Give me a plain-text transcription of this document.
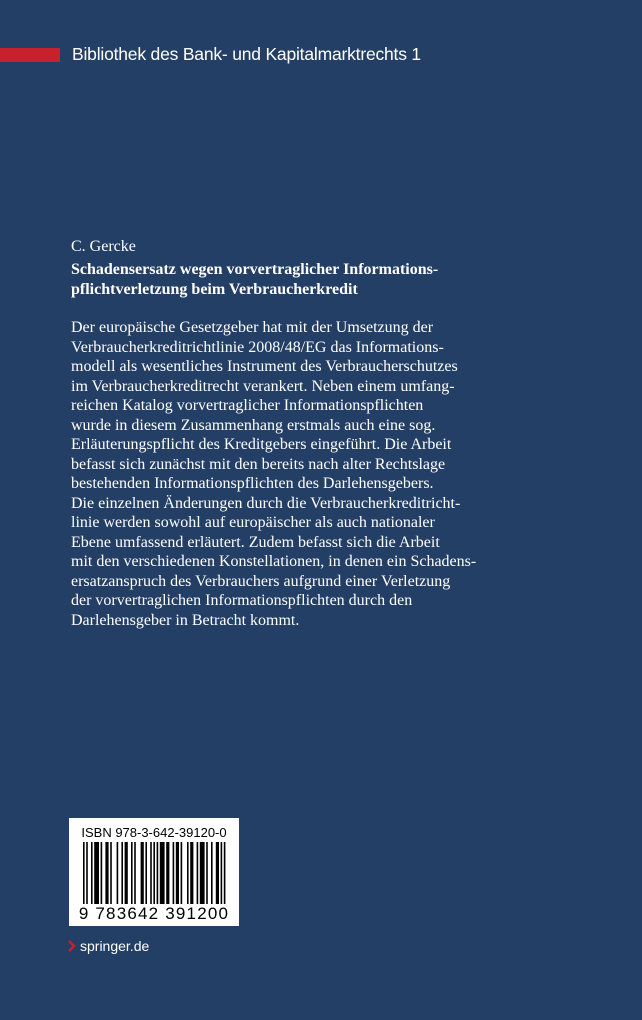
Bibliothek des Bank- und Kapitalmarktrechts 1
C. Gercke
Schadensersatz wegen vorvertraglicher Informations-
pflichtverletzung beim Verbraucherkredit
Der europäische Gesetzgeber hat mit der Umsetzung der
Verbraucherkreditrichtlinie 2008/48/EG das Informations-
modell als wesentliches Instrument des Verbraucherschutzes
im Verbraucherkreditrecht verankert. Neben einem umfang-
reichen Katalog vorvertraglicher Informationspflichten
wurde in diesem Zusammenhang erstmals auch eine sog.
Erläuterungspflicht des Kreditgebers eingeführt. Die Arbeit
befasst sich zunächst mit den bereits nach alter Rechtslage
bestehenden Informationspflichten des Darlehensgebers.
Die einzelnen Änderungen durch die Verbraucherkreditricht-
linie werden sowohl auf europäischer als auch nationaler
Ebene umfassend erläutert. Zudem befasst sich die Arbeit
mit den verschiedenen Konstellationen, in denen ein Schadens-
ersatzanspruch des Verbrauchers aufgrund einer Verletzung
der vorvertraglichen Informationspflichten durch den
Darlehensgeber in Betracht kommt.
ISBN 978-3-642-39120-0
9 783642 391200
springer.de
